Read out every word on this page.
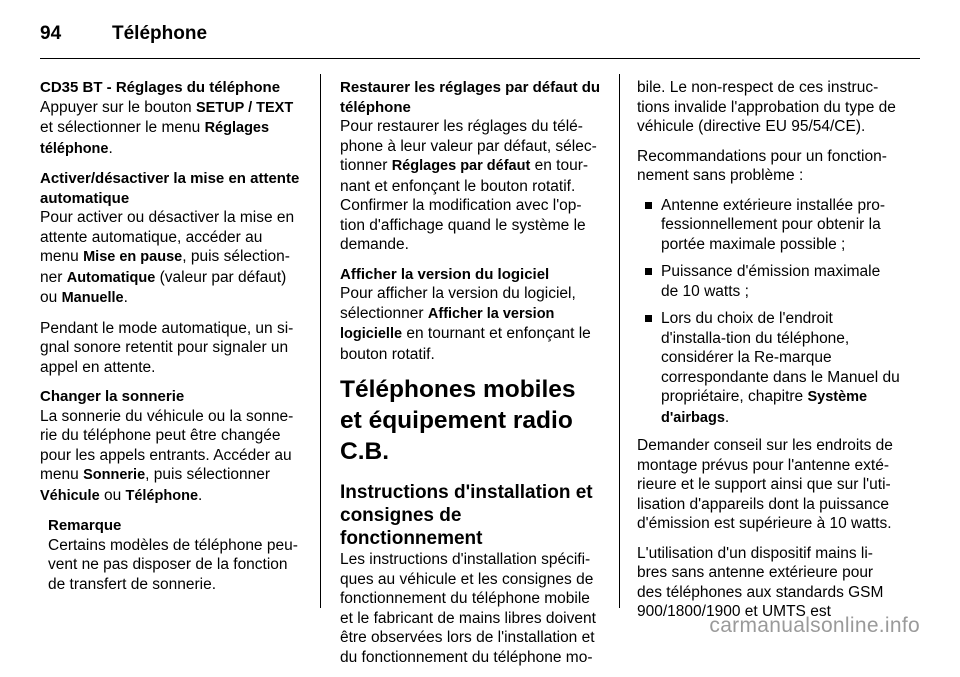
94	Téléphone
CD35 BT - Réglages du téléphone

Appuyer sur le bouton SETUP / TEXT et sélectionner le menu Réglages téléphone.

Activer/désactiver la mise en attente automatique

Pour activer ou désactiver la mise en attente automatique, accéder au menu Mise en pause, puis sélection-ner Automatique (valeur par défaut) ou Manuelle.

Pendant le mode automatique, un si-gnal sonore retentit pour signaler un appel en attente.

Changer la sonnerie

La sonnerie du véhicule ou la sonne-rie du téléphone peut être changée pour les appels entrants. Accéder au menu Sonnerie, puis sélectionner Véhicule ou Téléphone.

Remarque
Certains modèles de téléphone peu-vent ne pas disposer de la fonction de transfert de sonnerie.
Restaurer les réglages par défaut du téléphone

Pour restaurer les réglages du télé-phone à leur valeur par défaut, sélec-tionner Réglages par défaut en tour-nant et enfonçant le bouton rotatif. Confirmer la modification avec l'op-tion d'affichage quand le système le demande.

Afficher la version du logiciel

Pour afficher la version du logiciel, sélectionner Afficher la version logicielle en tournant et enfonçant le bouton rotatif.

Téléphones mobiles et équipement radio C.B.
Instructions d'installation et consignes de fonctionnement

Les instructions d'installation spécifi-ques au véhicule et les consignes de fonctionnement du téléphone mobile et le fabricant de mains libres doivent être observées lors de l'installation et du fonctionnement du téléphone mo-

bile. Le non-respect de ces instruc-tions invalide l'approbation du type de véhicule (directive EU 95/54/CE).

Recommandations pour un fonction-nement sans problème :

Antenne extérieure installée pro-fessionnellement pour obtenir la portée maximale possible ;
Puissance d'émission maximale de 10 watts ;
Lors du choix de l'endroit d'installa-tion du téléphone, considérer la Re-marque correspondante dans le Manuel du propriétaire, chapitre Système d'airbags.

Demander conseil sur les endroits de montage prévus pour l'antenne exté-rieure et le support ainsi que sur l'uti-lisation d'appareils dont la puissance d'émission est supérieure à 10 watts.

L'utilisation d'un dispositif mains li-bres sans antenne extérieure pour des téléphones aux standards GSM 900/1800/1900 et UMTS est

carmanualsonline.info
